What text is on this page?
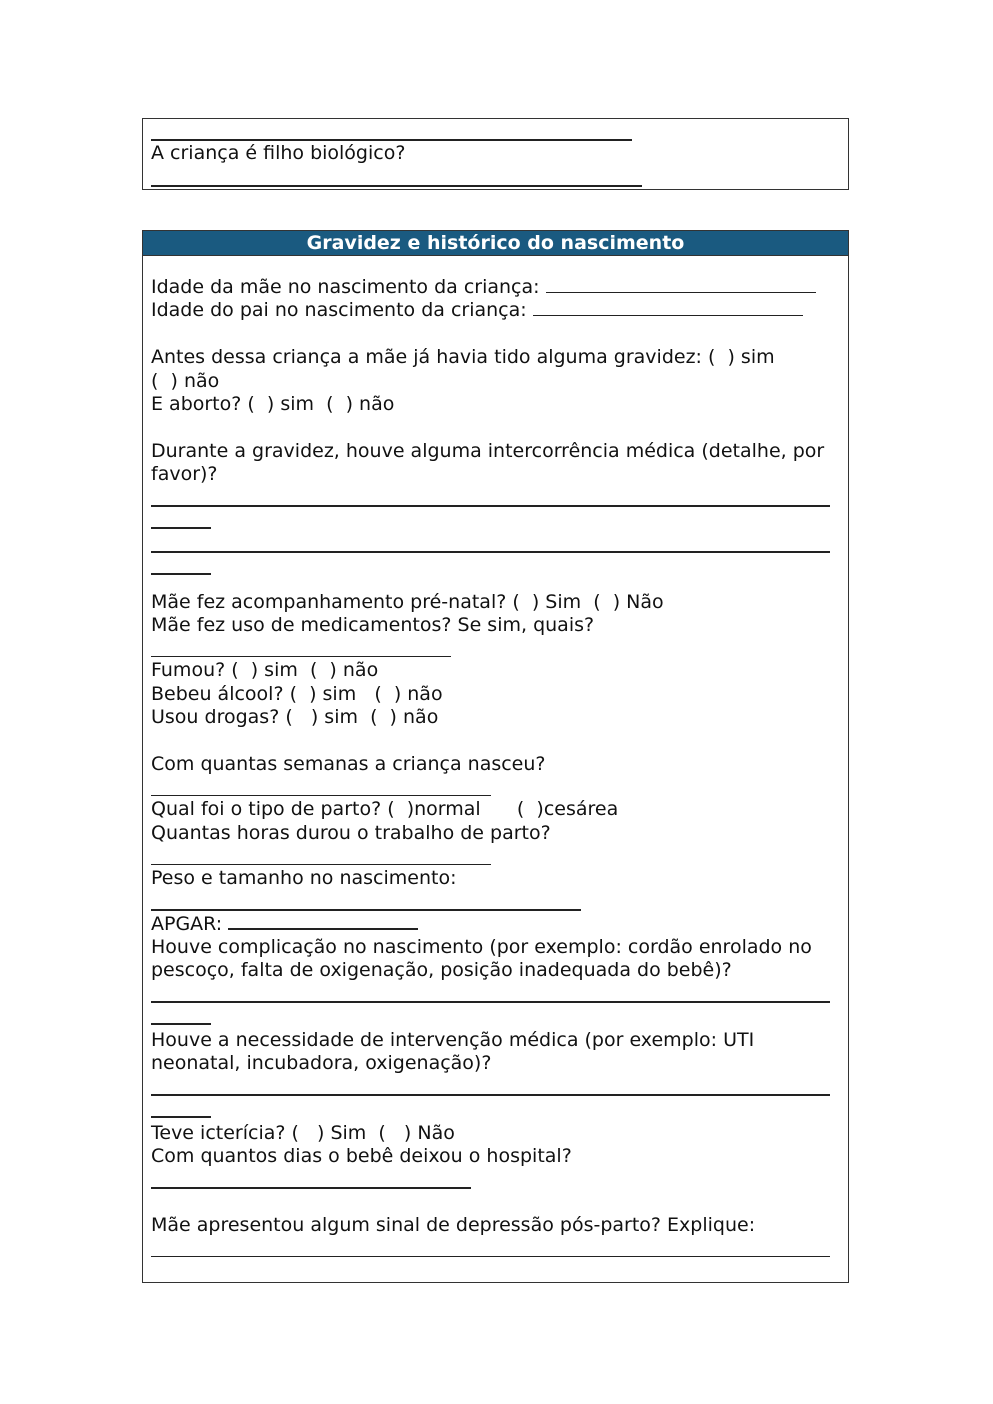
A criança é filho biológico?
Gravidez e histórico do nascimento
Idade da mãe no nascimento da criança:
Idade do pai no nascimento da criança:
Antes dessa criança a mãe já havia tido alguma gravidez: (  ) sim
(  ) não
E aborto? (  ) sim  (  ) não
Durante a gravidez, houve alguma intercorrência médica (detalhe, por favor)?
Mãe fez acompanhamento pré-natal? (  ) Sim  (  ) Não
Mãe fez uso de medicamentos? Se sim, quais?
Fumou? (  ) sim  (  ) não
Bebeu álcool? (  ) sim   (  ) não
Usou drogas? (   ) sim  (  ) não
Com quantas semanas a criança nasceu?
Qual foi o tipo de parto? (  )normal      (  )cesárea
Quantas horas durou o trabalho de parto?
Peso e tamanho no nascimento:
APGAR:
Houve complicação no nascimento (por exemplo: cordão enrolado no pescoço, falta de oxigenação, posição inadequada do bebê)?
Houve a necessidade de intervenção médica (por exemplo: UTI neonatal, incubadora, oxigenação)?
Teve icterícia? (   ) Sim  (   ) Não
Com quantos dias o bebê deixou o hospital?
Mãe apresentou algum sinal de depressão pós-parto? Explique:
